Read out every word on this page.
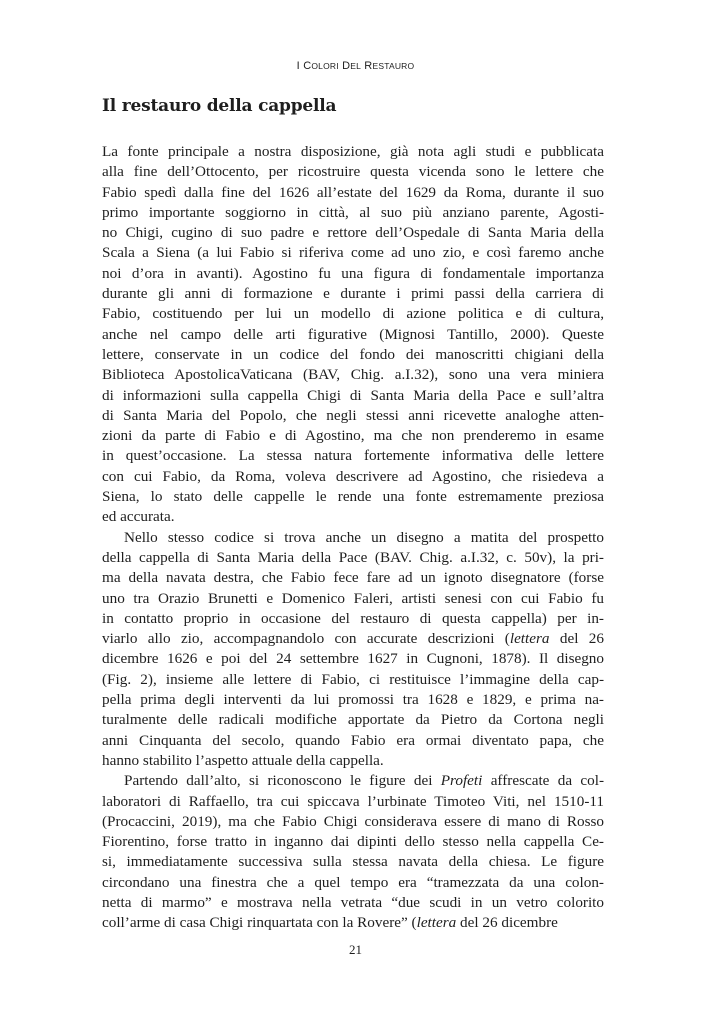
I COLORI DEL RESTAURO
Il restauro della cappella
La fonte principale a nostra disposizione, già nota agli studi e pubblicata
alla fine dell’Ottocento, per ricostruire questa vicenda sono le lettere che
Fabio spedì dalla fine del 1626 all’estate del 1629 da Roma, durante il suo
primo importante soggiorno in città, al suo più anziano parente, Agosti-
no Chigi, cugino di suo padre e rettore dell’Ospedale di Santa Maria della
Scala a Siena (a lui Fabio si riferiva come ad uno zio, e così faremo anche
noi d’ora in avanti). Agostino fu una figura di fondamentale importanza
durante gli anni di formazione e durante i primi passi della carriera di
Fabio, costituendo per lui un modello di azione politica e di cultura,
anche nel campo delle arti figurative (Mignosi Tantillo, 2000). Queste
lettere, conservate in un codice del fondo dei manoscritti chigiani della
Biblioteca ApostolicaVaticana (BAV, Chig. a.I.32), sono una vera miniera
di informazioni sulla cappella Chigi di Santa Maria della Pace e sull’altra
di Santa Maria del Popolo, che negli stessi anni ricevette analoghe atten-
zioni da parte di Fabio e di Agostino, ma che non prenderemo in esame
in quest’occasione. La stessa natura fortemente informativa delle lettere
con cui Fabio, da Roma, voleva descrivere ad Agostino, che risiedeva a
Siena, lo stato delle cappelle le rende una fonte estremamente preziosa
ed accurata.
Nello stesso codice si trova anche un disegno a matita del prospetto
della cappella di Santa Maria della Pace (BAV. Chig. a.I.32, c. 50v), la pri-
ma della navata destra, che Fabio fece fare ad un ignoto disegnatore (forse
uno tra Orazio Brunetti e Domenico Faleri, artisti senesi con cui Fabio fu
in contatto proprio in occasione del restauro di questa cappella) per in-
viarlo allo zio, accompagnandolo con accurate descrizioni (lettera del 26
dicembre 1626 e poi del 24 settembre 1627 in Cugnoni, 1878). Il disegno
(Fig. 2), insieme alle lettere di Fabio, ci restituisce l’immagine della cap-
pella prima degli interventi da lui promossi tra 1628 e 1829, e prima na-
turalmente delle radicali modifiche apportate da Pietro da Cortona negli
anni Cinquanta del secolo, quando Fabio era ormai diventato papa, che
hanno stabilito l’aspetto attuale della cappella.
Partendo dall’alto, si riconoscono le figure dei Profeti affrescate da col-
laboratori di Raffaello, tra cui spiccava l’urbinate Timoteo Viti, nel 1510-11
(Procaccini, 2019), ma che Fabio Chigi considerava essere di mano di Rosso
Fiorentino, forse tratto in inganno dai dipinti dello stesso nella cappella Ce-
si, immediatamente successiva sulla stessa navata della chiesa. Le figure
circondano una finestra che a quel tempo era “tramezzata da una colon-
netta di marmo” e mostrava nella vetrata “due scudi in un vetro colorito
coll’arme di casa Chigi rinquartata con la Rovere” (lettera del 26 dicembre
21
